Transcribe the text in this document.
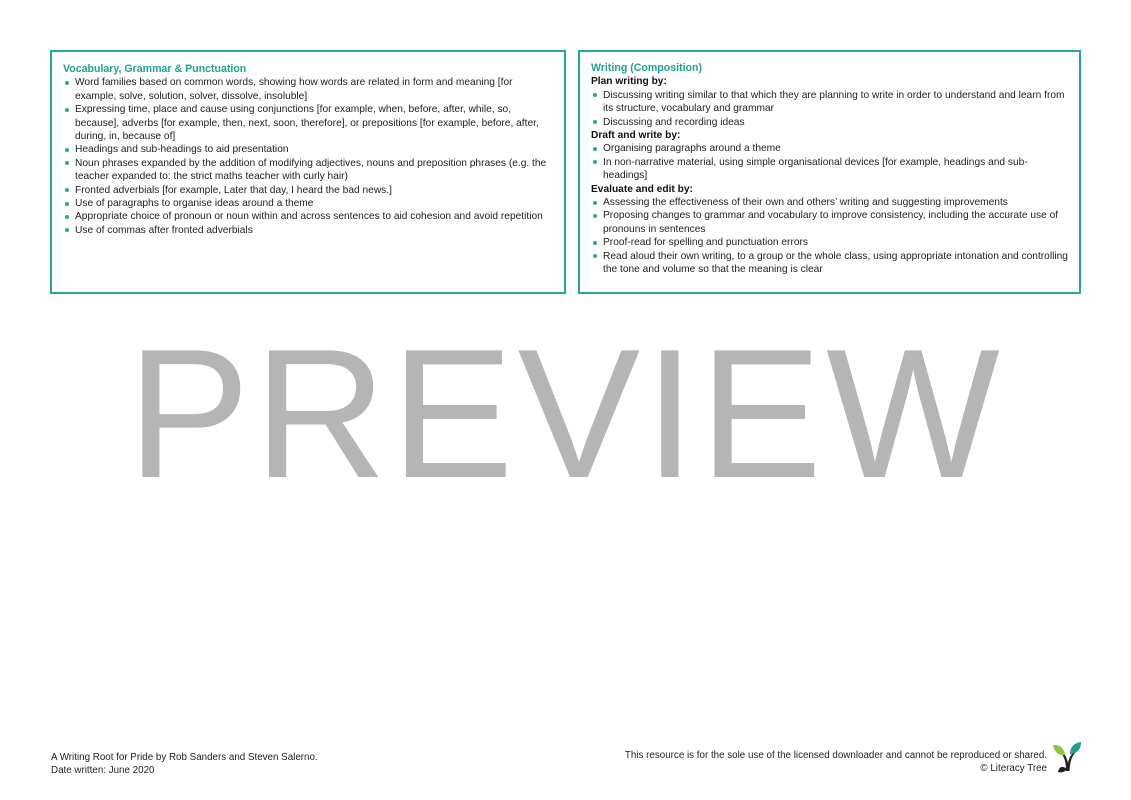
Vocabulary, Grammar & Punctuation
Word families based on common words, showing how words are related in form and meaning [for example, solve, solution, solver, dissolve, insoluble]
Expressing time, place and cause using conjunctions [for example, when, before, after, while, so, because], adverbs [for example, then, next, soon, therefore], or prepositions [for example, before, after, during, in, because of]
Headings and sub-headings to aid presentation
Noun phrases expanded by the addition of modifying adjectives, nouns and preposition phrases (e.g. the teacher expanded to: the strict maths teacher with curly hair)
Fronted adverbials [for example, Later that day, I heard the bad news.]
Use of paragraphs to organise ideas around a theme
Appropriate choice of pronoun or noun within and across sentences to aid cohesion and avoid repetition
Use of commas after fronted adverbials
Writing (Composition)
Plan writing by:
Discussing writing similar to that which they are planning to write in order to understand and learn from its structure, vocabulary and grammar
Discussing and recording ideas
Draft and write by:
Organising paragraphs around a theme
In non-narrative material, using simple organisational devices [for example, headings and sub-headings]
Evaluate and edit by:
Assessing the effectiveness of their own and others’ writing and suggesting improvements
Proposing changes to grammar and vocabulary to improve consistency, including the accurate use of pronouns in sentences
Proof-read for spelling and punctuation errors
Read aloud their own writing, to a group or the whole class, using appropriate intonation and controlling the tone and volume so that the meaning is clear
PREVIEW
A Writing Root for Pride by Rob Sanders and Steven Salerno.
Date written: June 2020
This resource is for the sole use of the licensed downloader and cannot be reproduced or shared.
© Literacy Tree
